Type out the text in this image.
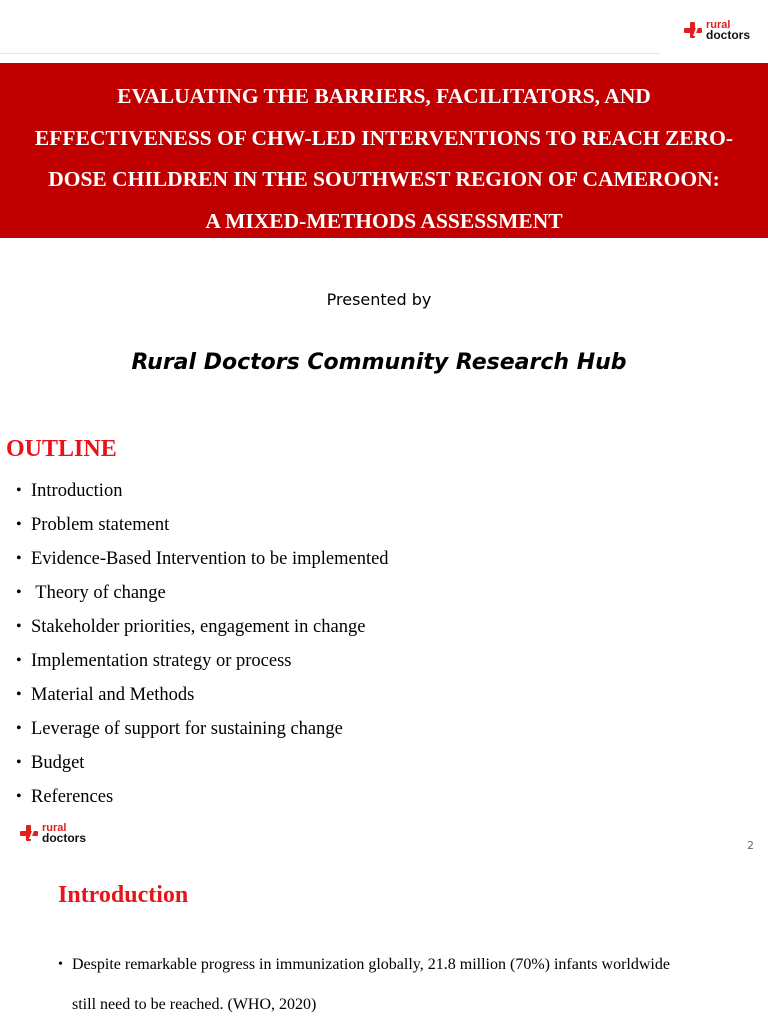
rural
doctors
EVALUATING THE BARRIERS, FACILITATORS, AND
EFFECTIVENESS OF CHW-LED INTERVENTIONS TO REACH ZERO-
DOSE CHILDREN IN THE SOUTHWEST REGION OF CAMEROON:
A MIXED-METHODS ASSESSMENT
Presented by
Rural Doctors Community Research Hub
OUTLINE
• Introduction
• Problem statement
• Evidence-Based Intervention to be implemented
• Theory of change
• Stakeholder priorities, engagement in change
• Implementation strategy or process
• Material and Methods
• Leverage of support for sustaining change
• Budget
• References
rural
doctors
2
Introduction
• Despite remarkable progress in immunization globally, 21.8 million (70%) infants worldwide
still need to be reached. (WHO, 2020)
